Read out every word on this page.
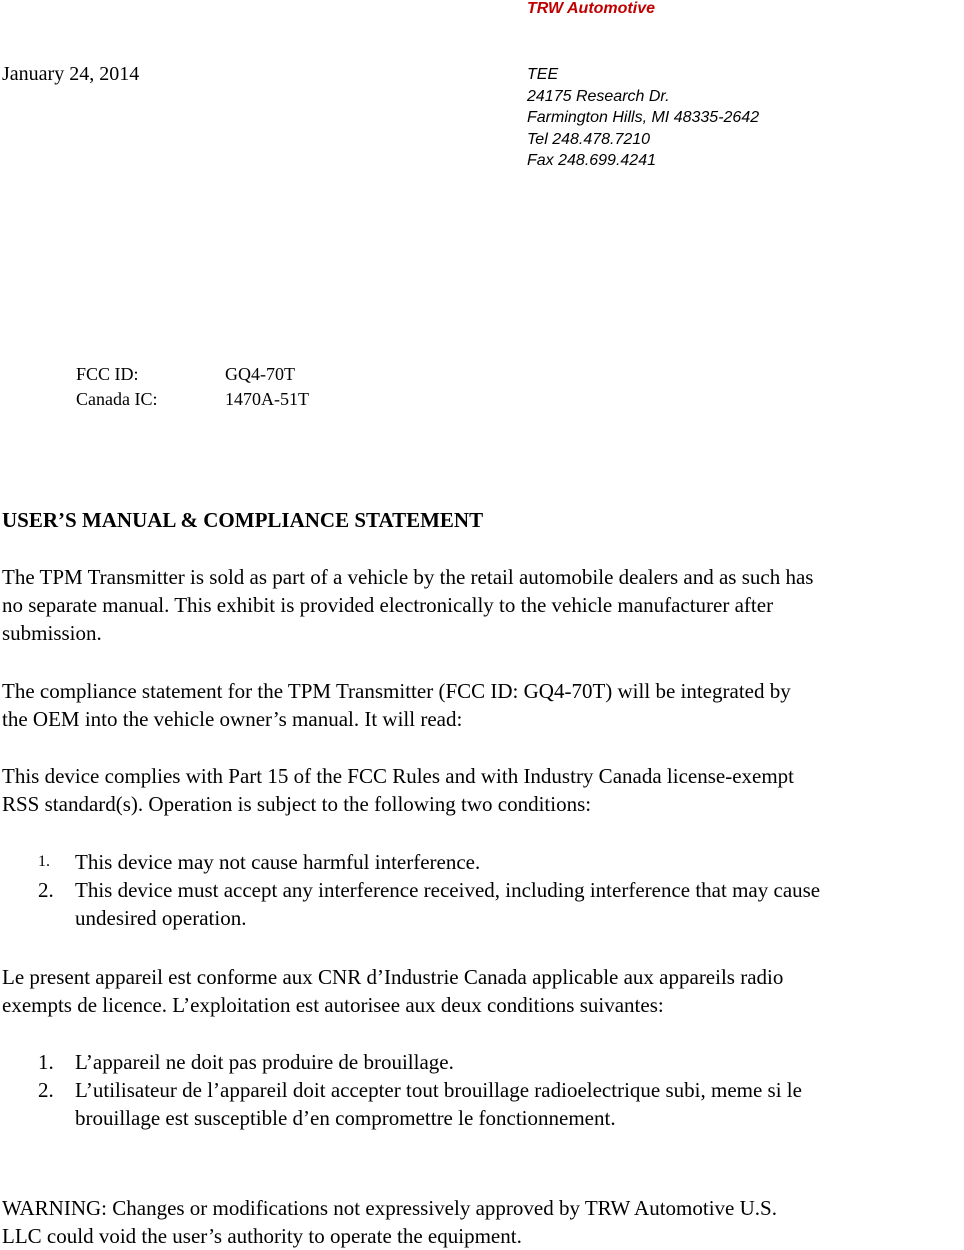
TRW Automotive
January 24, 2014	TEE
24175 Research Dr.
Farmington Hills, MI 48335-2642
Tel 248.478.7210
Fax 248.699.4241
FCC ID:	GQ4-70T
Canada IC:	1470A-51T
USER’S MANUAL & COMPLIANCE STATEMENT
The TPM Transmitter is sold as part of a vehicle by the retail automobile dealers and as such has
no separate manual. This exhibit is provided electronically to the vehicle manufacturer after
submission.
The compliance statement for the TPM Transmitter (FCC ID: GQ4-70T) will be integrated by
the OEM into the vehicle owner’s manual. It will read:
This device complies with Part 15 of the FCC Rules and with Industry Canada license-exempt
RSS standard(s). Operation is subject to the following two conditions:
1.	This device may not cause harmful interference.
2.	This device must accept any interference received, including interference that may cause
undesired operation.
Le present appareil est conforme aux CNR d’Industrie Canada applicable aux appareils radio
exempts de licence. L’exploitation est autorisee aux deux conditions suivantes:
1.	L’appareil ne doit pas produire de brouillage.
2.	L’utilisateur de l’appareil doit accepter tout brouillage radioelectrique subi, meme si le
brouillage est susceptible d’en compromettre le fonctionnement.
WARNING: Changes or modifications not expressively approved by TRW Automotive U.S.
LLC could void the user’s authority to operate the equipment.
